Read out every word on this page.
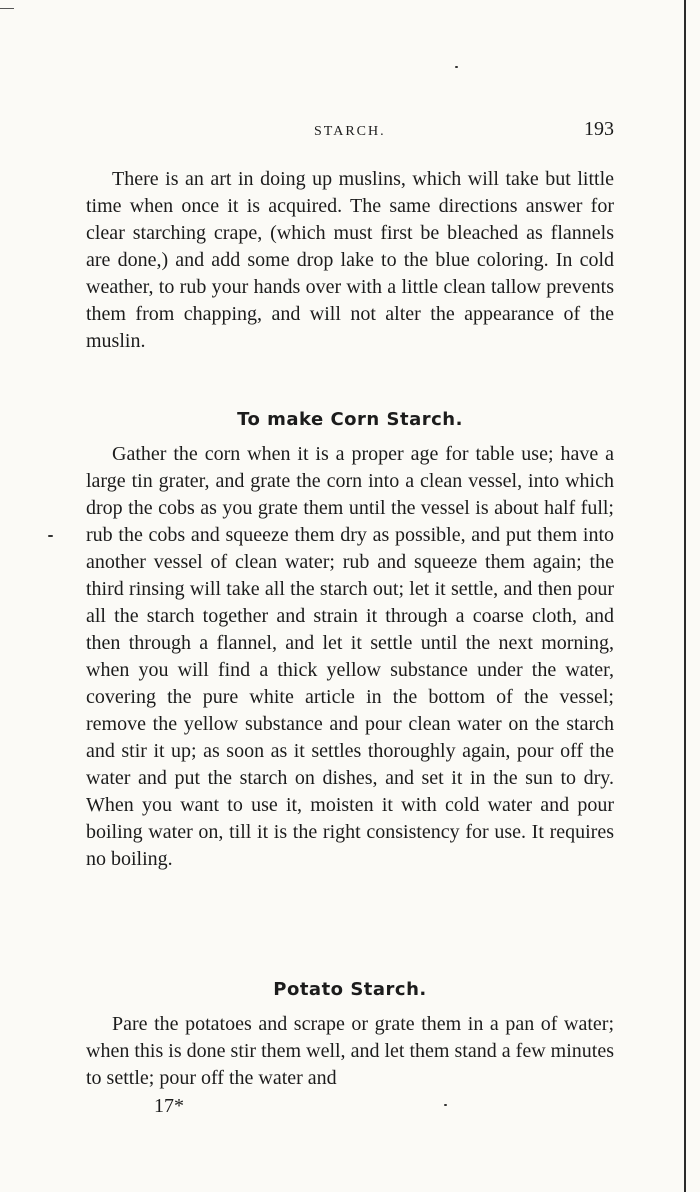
STARCH.	193

There is an art in doing up muslins, which will take but little time when once it is acquired. The same directions answer for clear starching crape, (which must first be bleached as flannels are done,) and add some drop lake to the blue coloring. In cold weather, to rub your hands over with a little clean tallow prevents them from chapping, and will not alter the appearance of the muslin.

To make Corn Starch.

Gather the corn when it is a proper age for table use; have a large tin grater, and grate the corn into a clean vessel, into which drop the cobs as you grate them until the vessel is about half full; rub the cobs and squeeze them dry as possible, and put them into another vessel of clean water; rub and squeeze them again; the third rinsing will take all the starch out; let it settle, and then pour all the starch together and strain it through a coarse cloth, and then through a flannel, and let it settle until the next morning, when you will find a thick yellow substance under the water, covering the pure white article in the bottom of the vessel; remove the yellow substance and pour clean water on the starch and stir it up; as soon as it settles thoroughly again, pour off the water and put the starch on dishes, and set it in the sun to dry. When you want to use it, moisten it with cold water and pour boiling water on, till it is the right consistency for use. It requires no boiling.

Potato Starch.

Pare the potatoes and scrape or grate them in a pan of water; when this is done stir them well, and let them stand a few minutes to settle; pour off the water and

17*
